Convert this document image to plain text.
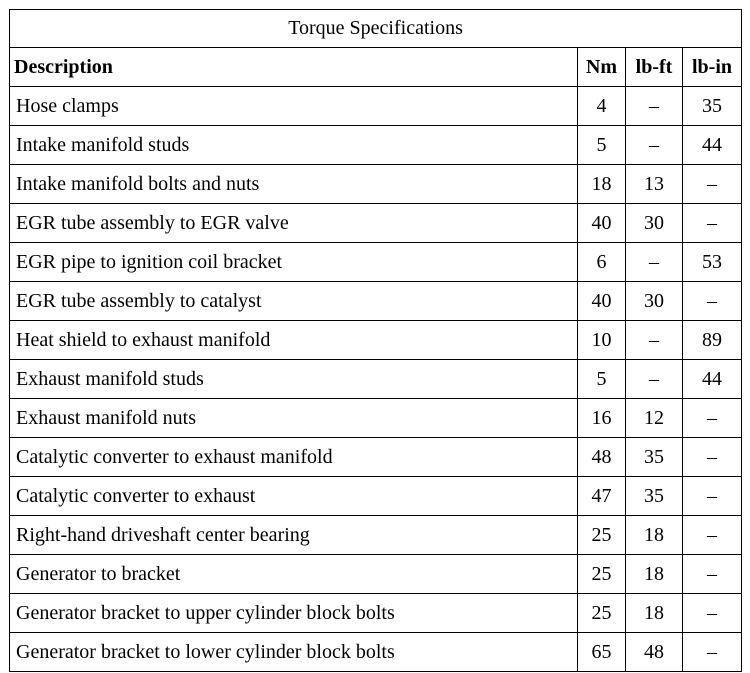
Torque Specifications			
Description	Nm	lb-ft	lb-in
Hose clamps	4	–	35
Intake manifold studs	5	–	44
Intake manifold bolts and nuts	18	13	–
EGR tube assembly to EGR valve	40	30	–
EGR pipe to ignition coil bracket	6	–	53
EGR tube assembly to catalyst	40	30	–
Heat shield to exhaust manifold	10	–	89
Exhaust manifold studs	5	–	44
Exhaust manifold nuts	16	12	–
Catalytic converter to exhaust manifold	48	35	–
Catalytic converter to exhaust	47	35	–
Right-hand driveshaft center bearing	25	18	–
Generator to bracket	25	18	–
Generator bracket to upper cylinder block bolts	25	18	–
Generator bracket to lower cylinder block bolts	65	48	–
